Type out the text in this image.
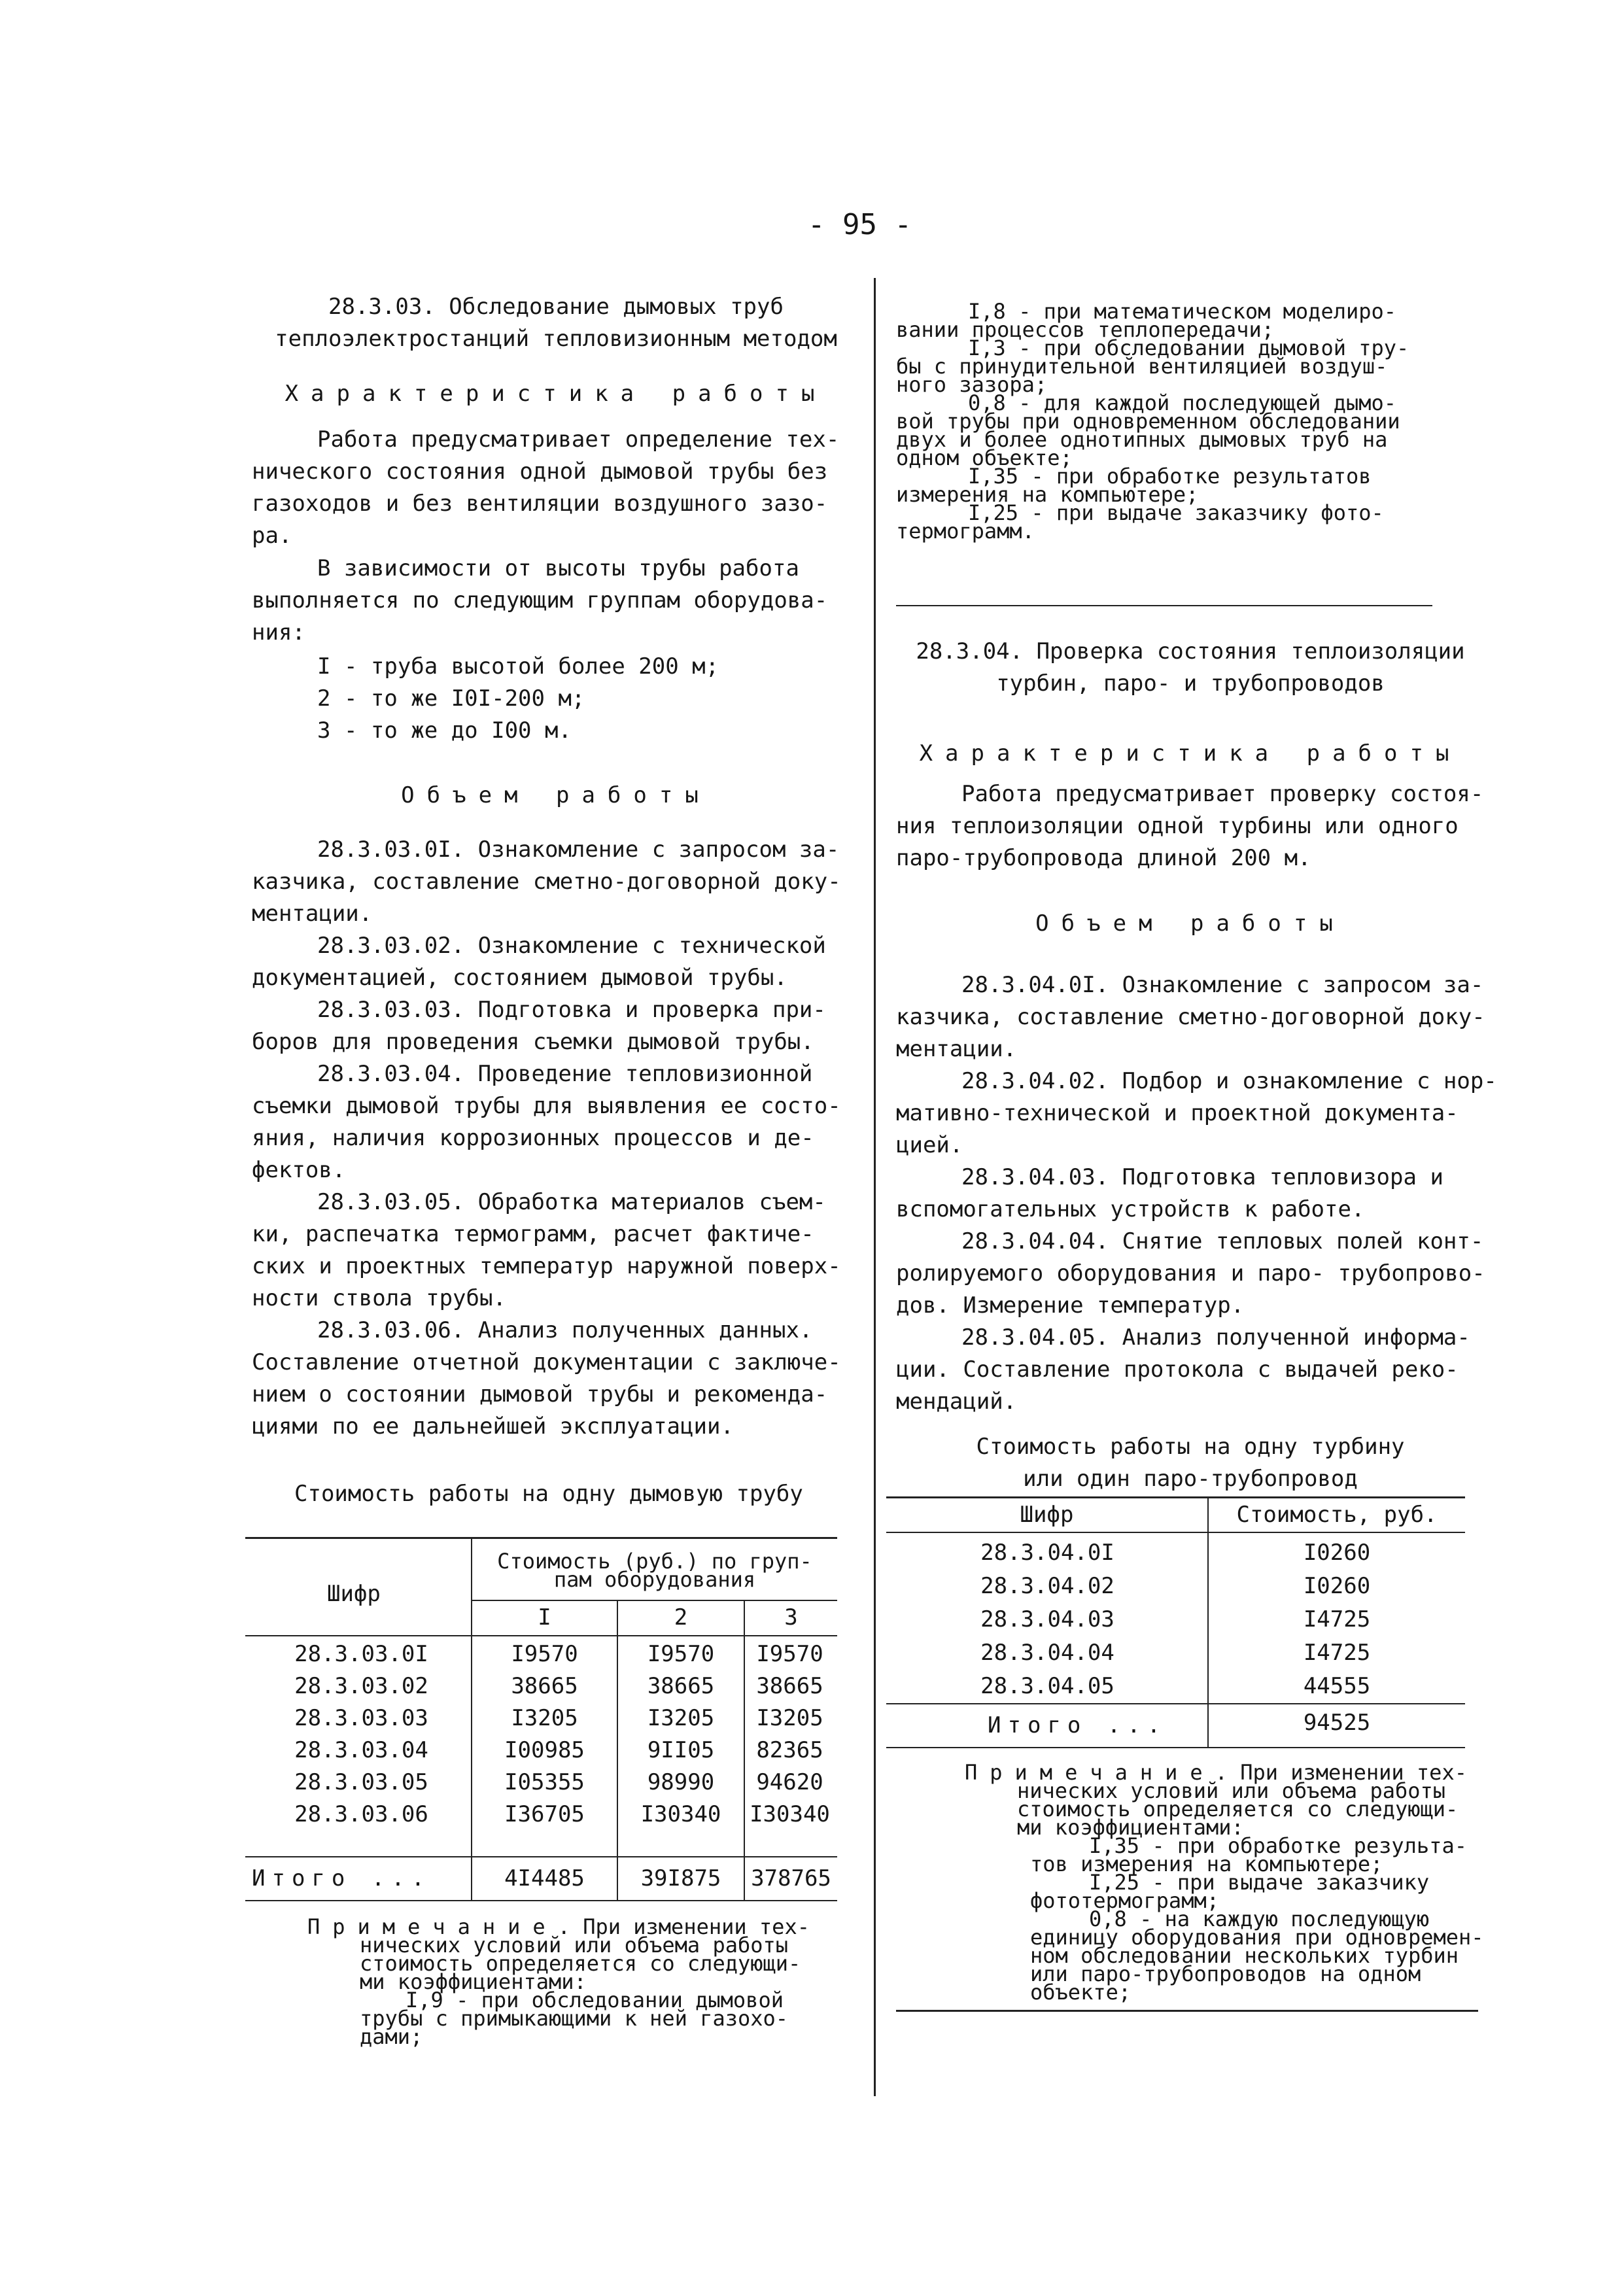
- 95 -
28.3.03. Обследование дымовых труб
теплоэлектростанций тепловизионным методом
Характеристика работы
Работа предусматривает определение тех-
нического состояния одной дымовой трубы без
газоходов и без вентиляции воздушного зазо-
ра.
В зависимости от высоты трубы работа
выполняется по следующим группам оборудова-
ния:
I - труба высотой более 200 м;
2 - то же I0I-200 м;
3 - то же до I00 м.
Объем работы
28.3.03.0I. Ознакомление с запросом за-
казчика, составление сметно-договорной доку-
ментации.
28.3.03.02. Ознакомление с технической
документацией, состоянием дымовой трубы.
28.3.03.03. Подготовка и проверка при-
боров для проведения съемки дымовой трубы.
28.3.03.04. Проведение тепловизионной
съемки дымовой трубы для выявления ее состо-
яния, наличия коррозионных процессов и де-
фектов.
28.3.03.05. Обработка материалов съем-
ки, распечатка термограмм, расчет фактиче-
ских и проектных температур наружной поверх-
ности ствола трубы.
28.3.03.06. Анализ полученных данных.
Составление отчетной документации с заключе-
нием о состоянии дымовой трубы и рекоменда-
циями по ее дальнейшей эксплуатации.
Стоимость работы на одну дымовую трубу
Шифр
Стоимость (руб.) по груп-
пам оборудования
I	2	3
28.3.03.0I	I9570	I9570	I9570
28.3.03.02	38665	38665	38665
28.3.03.03	I3205	I3205	I3205
28.3.03.04	I00985	9II05	82365
28.3.03.05	I05355	98990	94620
28.3.03.06	I36705	I30340	I30340
Итого ...	4I4485	39I875	378765
Примечание. При изменении тех-
нических условий или объема работы
стоимость определяется со следующи-
ми коэффициентами:
I,9 - при обследовании дымовой
трубы с примыкающими к ней газохо-
дами;
I,8 - при математическом моделиро-
вании процессов теплопередачи;
I,3 - при обследовании дымовой тру-
бы с принудительной вентиляцией воздуш-
ного зазора;
0,8 - для каждой последующей дымо-
вой трубы при одновременном обследовании
двух и более однотипных дымовых труб на
одном объекте;
I,35 - при обработке результатов
измерения на компьютере;
I,25 - при выдаче заказчику фото-
термограмм.
28.3.04. Проверка состояния теплоизоляции
турбин, паро- и трубопроводов
Характеристика работы
Работа предусматривает проверку состоя-
ния теплоизоляции одной турбины или одного
паро-трубопровода длиной 200 м.
Объем работы
28.3.04.0I. Ознакомление с запросом за-
казчика, составление сметно-договорной доку-
ментации.
28.3.04.02. Подбор и ознакомление с нор-
мативно-технической и проектной документа-
цией.
28.3.04.03. Подготовка тепловизора и
вспомогательных устройств к работе.
28.3.04.04. Снятие тепловых полей конт-
ролируемого оборудования и паро- трубопрово-
дов. Измерение температур.
28.3.04.05. Анализ полученной информа-
ции. Составление протокола с выдачей реко-
мендаций.
Стоимость работы на одну турбину
или один паро-трубопровод
Шифр	Стоимость, руб.
28.3.04.0I	I0260
28.3.04.02	I0260
28.3.04.03	I4725
28.3.04.04	I4725
28.3.04.05	44555
Итого ...	94525
Примечание. При изменении тех-
нических условий или объема работы
стоимость определяется со следующи-
ми коэффициентами:
I,35 - при обработке результа-
тов измерения на компьютере;
I,25 - при выдаче заказчику
фототермограмм;
0,8 - на каждую последующую
единицу оборудования при одновремен-
ном обследовании нескольких турбин
или паро-трубопроводов на одном
объекте;
